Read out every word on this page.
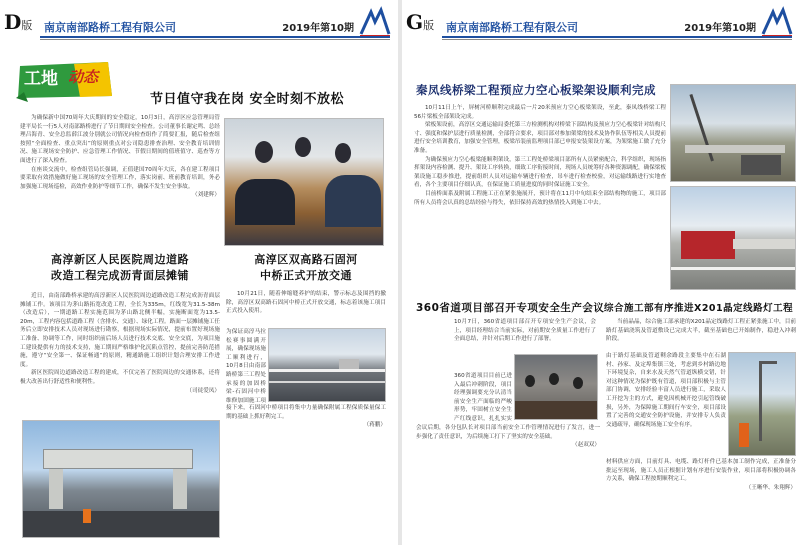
D版 南京南部路桥工程有限公司	2019年第10期
工地 动态
节日值守我在岗 安全时刻不放松

为确保新中国70周年大庆期间的安全稳定，10月3日，高淳区应急管理局管建平局长一行5人对南部路桥进行了节日期间安全检查。公司董事长谢定鸣、总经理吕海青、安全总监薛江波分别就公司情况向检查组作了简要汇报，随后检查组按照“全面检查、重点突出”的原则重点对公司隐患排查治理、安全教育培训情况、施工现场安全防护、应急管理工作情况、节假日期间的值班值守、巡查等方面进行了深入检查。

在座谈交流中，检查组管局长强调，正值建国70周年大庆，各在建工程项目要采取有效措施做好施工现场的安全管理工作，落实岗前、班前教育培训，务必加强施工现场巡检，高效作业防护等细节工作，确保不发生安全事故。

（刘建辉）

高淳新区人民医院周边道路
改造工程完成沥青面层摊铺

近日，由南部路桥承建的高淳新区人民医院周边道路改造工程完成沥青面层摊铺工作。该项目为茅山路拓宽改造工程，全长为335m，红线宽为31.5-38m（改造后），一期道路工程实施范围为茅山路北侧半幅，实施断面宽为13.5-20m，工程内容包括道路工程（含排水、交通）、绿化工程。路面一层摊铺施工任务后立即安排技术人员对现场进行勘察，根据现场实际情况，提前布置好现场施工准备、协调等工作，同时组织前后场人员进行技术交底、安全交底，为项目施工建设提供有力的技术支持，施工期间严格维护化沉陷点管控，提前完善防范措施，遵守“安全第一、保证畅通”的原则，精通路施工组织计划合理安排工作进度。

新区医院周边道路改造工程的建成，不仅完善了医院周边的交通体系，还将极大改善出行舒适性和便利性。

（司徒爱凤）

高淳区双高路石固河
中桥正式开放交通

10月21日，随着伸缩缝养护的结束，警示标志及围挡的撤除，高淳区双高路石固河中桥正式开放交通，标志着该施工项目正式投入使用。

为保证高淳马拉松赛事圆满开展，确保现场施工顺利进行，10月8日由南部路桥第三工程处承接的加固桥梁-石固河中桥维修加固施工项

接下来，石固河中桥项目将集中力量确保附属工程保质保量保工期的基础上抓好利完工。

（蒋鹏）

G版 南京南部路桥工程有限公司	2019年第10期
秦凤线桥梁工程预应力空心板梁架设顺利完成

10月11日上午，屏树河桥顺利完成最后一片20米预应力空心板梁架设，至此，秦凤线桥梁工程56片梁板全部架设完成。

梁板架设前，高淳区交通运输局委托第三方检测机构对桥梁下部结构及预应力空心板梁针对结构尺寸、强度和保护层进行质量检测，全部符合要求，项目部对参加架梁的技术及协作队伍等相关人员提前进行安全培训教育，加强安全管理，板梁吊装前监理项目部已申报安装架设方案，为架梁施工做了充分准备。

为确保预应力空心板梁能顺利架设，第三工程处桥梁项目部所有人员紧密配合，科学组织，现场指挥架设内容检测、提升、架设工序转换，细致工序衔接时间，现场人员统筹好各种资源调配，确保梁板架设施工稳步推进，提前组织人员对运输车辆进行检查，吊车进行检查校验，对运输线路进行实地查看，各个主要项目仔细认真，在保证施工质量进度的同时保证施工安全。

目前桥面系及附属工程施工正在紧张施展开，预计将在11月中旬结束全部结构物的施工，项目部所有人员将会认真的总结经验与得失，依旧保持高效的热情投入到施工中去。

360省道项目部召开专项安全生产会议

10月7日，360省道项目部召开专项安全生产会议，会上，项目经理结合当前实际，对前期安全质量工作进行了全面总结，并针对后期工作进行了部署。

360省道项目目前已进入最后冲刺阶段，项目经理强调要充分认清当前安全生产面临的严峻形势，牢固树立安全生产红线意识，扎扎实实

会议后期，各分包队长对项目部当前安全工作管理情况进行了发言，进一步强化了责任意识，为后续施工打下了坚实的安全基础。

（赵双双）

综合施工部有序推进X201晶定线路灯工程

当前晶晶，综合施工部承建的X201晶定线路灯工程正紧张施工中，目前路灯基础浇筑及管道敷设已完成大半，截至基础也已开始制作，稳进入冲刺阶段。

由于路灯基础及管道剩余路段主要集中在石湖村、孙家、及定埠集镇三处，考虑到乡村路边地下环境复杂，自来水及天然气管道纵横交错，针对这种情况为保护既有管道，项目部积极与主管部门协调，安排经验丰富人员进行施工，采取人工开挖为主的方式，避免因机械开挖引起管线破损，另外，为保障施工期间行车安全，项目部设置了完善的交通安全防护设施，并安排专人负责交通疏导，确保现场施工安全有序。

材料供应方面，目前灯具、电缆、路灯杆件已基本加工制作完成，正准备分批运至现场，施工人员正根据计划有序进行安装作业，项目部将积极协调各方关系，确保工程按期顺利完工。

（王晰华、朱翔辉）
